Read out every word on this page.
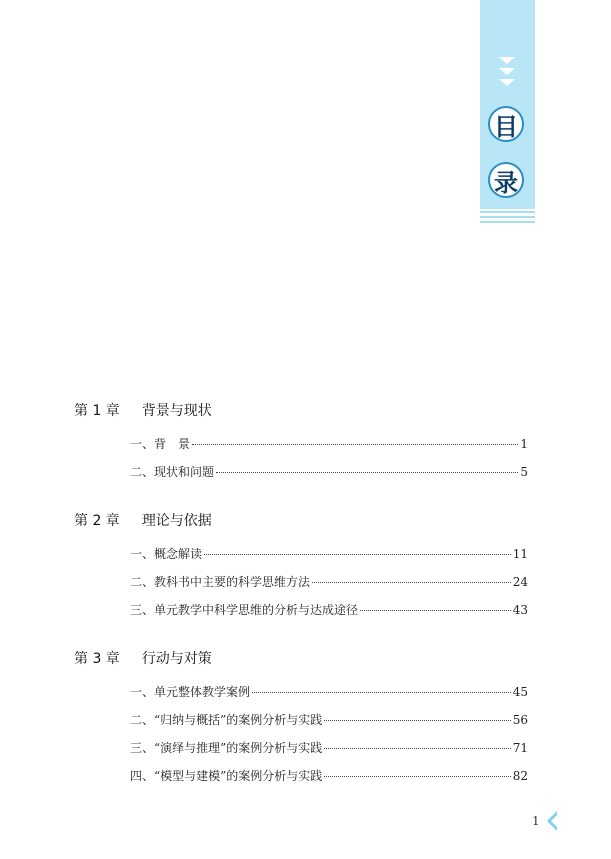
目
录
第 1 章 背景与现状
一、背　景	1
二、现状和问题	5
第 2 章 理论与依据
一、概念解读	11
二、教科书中主要的科学思维方法	24
三、单元教学中科学思维的分析与达成途径	43
第 3 章 行动与对策
一、单元整体教学案例	45
二、“归纳与概括”的案例分析与实践	56
三、“演绎与推理”的案例分析与实践	71
四、“模型与建模”的案例分析与实践	82
1
